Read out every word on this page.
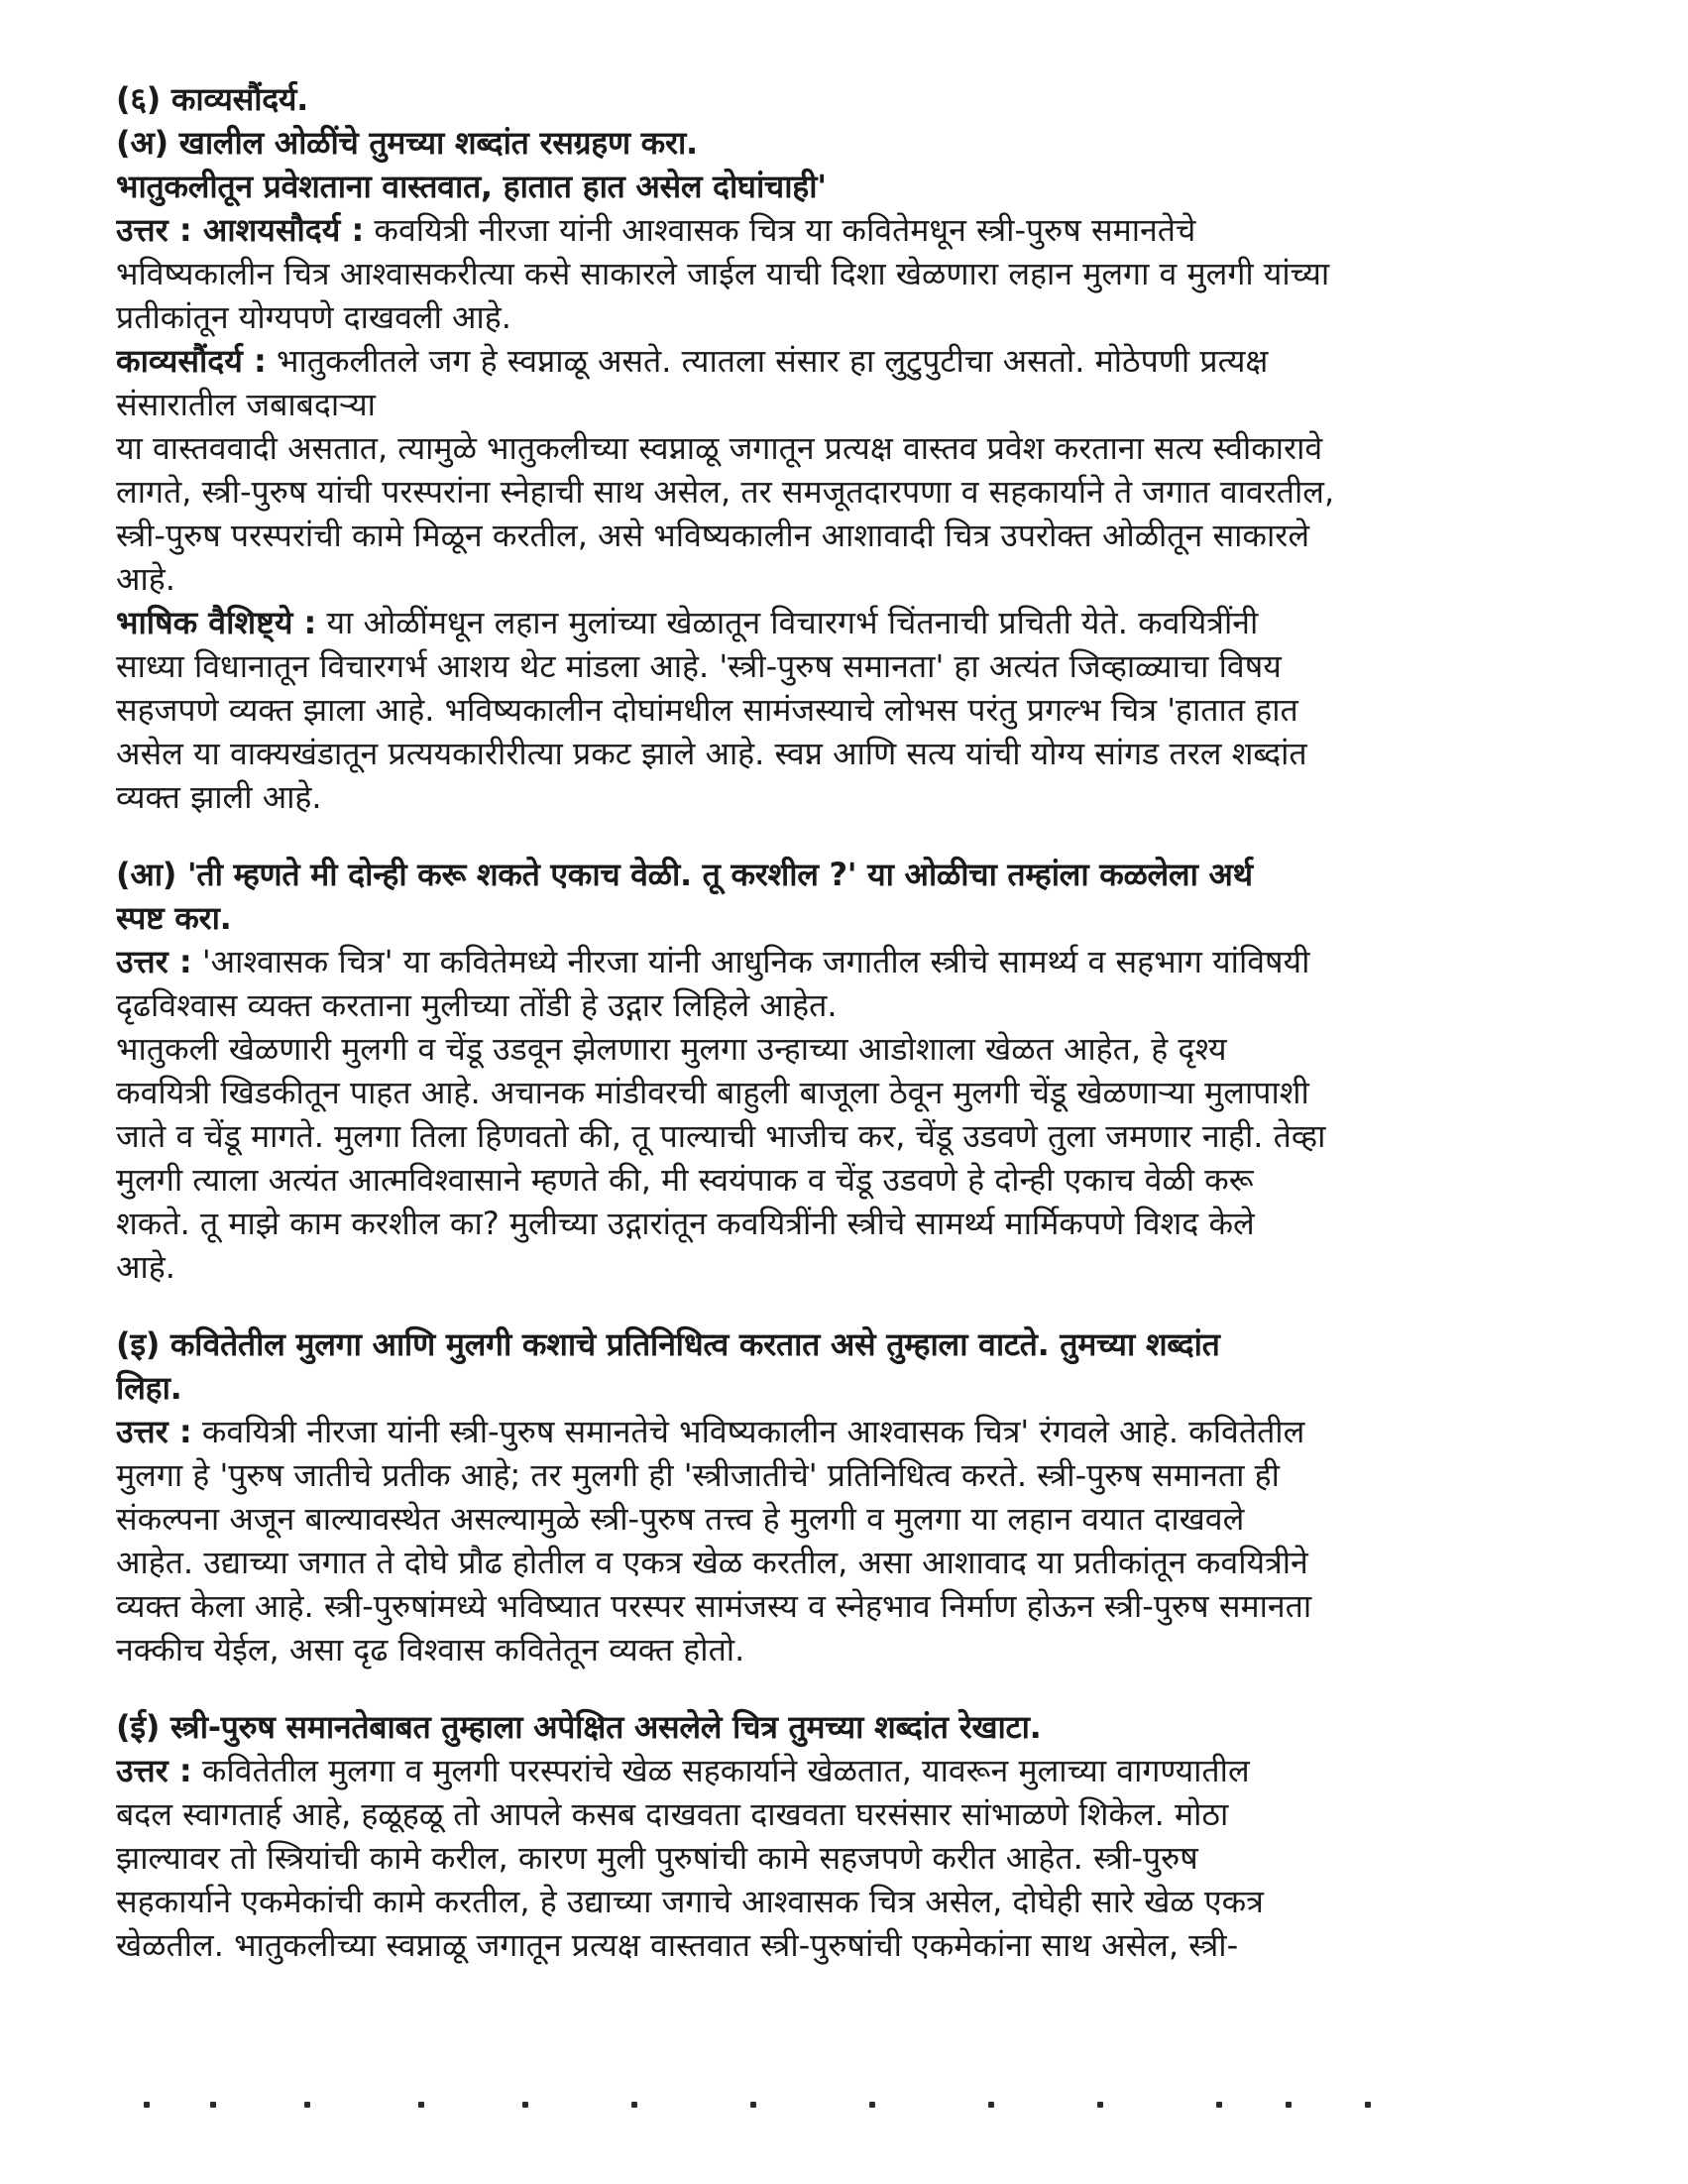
(६) काव्यसौंदर्य.
(अ) खालील ओळींचे तुमच्या शब्दांत रसग्रहण करा.
भातुकलीतून प्रवेशताना वास्तवात, हातात हात असेल दोघांचाही'
उत्तर : आशयसौदर्य : कवयित्री नीरजा यांनी आश्वासक चित्र या कवितेमधून स्त्री-पुरुष समानतेचे
भविष्यकालीन चित्र आश्वासकरीत्या कसे साकारले जाईल याची दिशा खेळणारा लहान मुलगा व मुलगी यांच्या
प्रतीकांतून योग्यपणे दाखवली आहे.
काव्यसौंदर्य : भातुकलीतले जग हे स्वप्नाळू असते. त्यातला संसार हा लुटुपुटीचा असतो. मोठेपणी प्रत्यक्ष
संसारातील जबाबदाऱ्या
या वास्तववादी असतात, त्यामुळे भातुकलीच्या स्वप्नाळू जगातून प्रत्यक्ष वास्तव प्रवेश करताना सत्य स्वीकारावे
लागते, स्त्री-पुरुष यांची परस्परांना स्नेहाची साथ असेल, तर समजूतदारपणा व सहकार्याने ते जगात वावरतील,
स्त्री-पुरुष परस्परांची कामे मिळून करतील, असे भविष्यकालीन आशावादी चित्र उपरोक्त ओळीतून साकारले
आहे.
भाषिक वैशिष्ट्ये : या ओळींमधून लहान मुलांच्या खेळातून विचारगर्भ चिंतनाची प्रचिती येते. कवयित्रींनी
साध्या विधानातून विचारगर्भ आशय थेट मांडला आहे. 'स्त्री-पुरुष समानता' हा अत्यंत जिव्हाळ्याचा विषय
सहजपणे व्यक्त झाला आहे. भविष्यकालीन दोघांमधील सामंजस्याचे लोभस परंतु प्रगल्भ चित्र 'हातात हात
असेल या वाक्यखंडातून प्रत्ययकारीरीत्या प्रकट झाले आहे. स्वप्न आणि सत्य यांची योग्य सांगड तरल शब्दांत
व्यक्त झाली आहे.
(आ) 'ती म्हणते मी दोन्ही करू शकते एकाच वेळी. तू करशील ?' या ओळीचा तम्हांला कळलेला अर्थ
स्पष्ट करा.
उत्तर : 'आश्वासक चित्र' या कवितेमध्ये नीरजा यांनी आधुनिक जगातील स्त्रीचे सामर्थ्य व सहभाग यांविषयी
दृढविश्वास व्यक्त करताना मुलीच्या तोंडी हे उद्गार लिहिले आहेत.
भातुकली खेळणारी मुलगी व चेंडू उडवून झेलणारा मुलगा उन्हाच्या आडोशाला खेळत आहेत, हे दृश्य
कवयित्री खिडकीतून पाहत आहे. अचानक मांडीवरची बाहुली बाजूला ठेवून मुलगी चेंडू खेळणाऱ्या मुलापाशी
जाते व चेंडू मागते. मुलगा तिला हिणवतो की, तू पाल्याची भाजीच कर, चेंडू उडवणे तुला जमणार नाही. तेव्हा
मुलगी त्याला अत्यंत आत्मविश्वासाने म्हणते की, मी स्वयंपाक व चेंडू उडवणे हे दोन्ही एकाच वेळी करू
शकते. तू माझे काम करशील का? मुलीच्या उद्गारांतून कवयित्रींनी स्त्रीचे सामर्थ्य मार्मिकपणे विशद केले
आहे.
(इ) कवितेतील मुलगा आणि मुलगी कशाचे प्रतिनिधित्व करतात असे तुम्हाला वाटते. तुमच्या शब्दांत
लिहा.
उत्तर : कवयित्री नीरजा यांनी स्त्री-पुरुष समानतेचे भविष्यकालीन आश्वासक चित्र' रंगवले आहे. कवितेतील
मुलगा हे 'पुरुष जातीचे प्रतीक आहे; तर मुलगी ही 'स्त्रीजातीचे' प्रतिनिधित्व करते. स्त्री-पुरुष समानता ही
संकल्पना अजून बाल्यावस्थेत असल्यामुळे स्त्री-पुरुष तत्त्व हे मुलगी व मुलगा या लहान वयात दाखवले
आहेत. उद्याच्या जगात ते दोघे प्रौढ होतील व एकत्र खेळ करतील, असा आशावाद या प्रतीकांतून कवयित्रीने
व्यक्त केला आहे. स्त्री-पुरुषांमध्ये भविष्यात परस्पर सामंजस्य व स्नेहभाव निर्माण होऊन स्त्री-पुरुष समानता
नक्कीच येईल, असा दृढ विश्वास कवितेतून व्यक्त होतो.
(ई) स्त्री-पुरुष समानतेबाबत तुम्हाला अपेक्षित असलेले चित्र तुमच्या शब्दांत रेखाटा.
उत्तर : कवितेतील मुलगा व मुलगी परस्परांचे खेळ सहकार्याने खेळतात, यावरून मुलाच्या वागण्यातील
बदल स्वागतार्ह आहे, हळूहळू तो आपले कसब दाखवता दाखवता घरसंसार सांभाळणे शिकेल. मोठा
झाल्यावर तो स्त्रियांची कामे करील, कारण मुली पुरुषांची कामे सहजपणे करीत आहेत. स्त्री-पुरुष
सहकार्याने एकमेकांची कामे करतील, हे उद्याच्या जगाचे आश्वासक चित्र असेल, दोघेही सारे खेळ एकत्र
खेळतील. भातुकलीच्या स्वप्नाळू जगातून प्रत्यक्ष वास्तवात स्त्री-पुरुषांची एकमेकांना साथ असेल, स्त्री-
